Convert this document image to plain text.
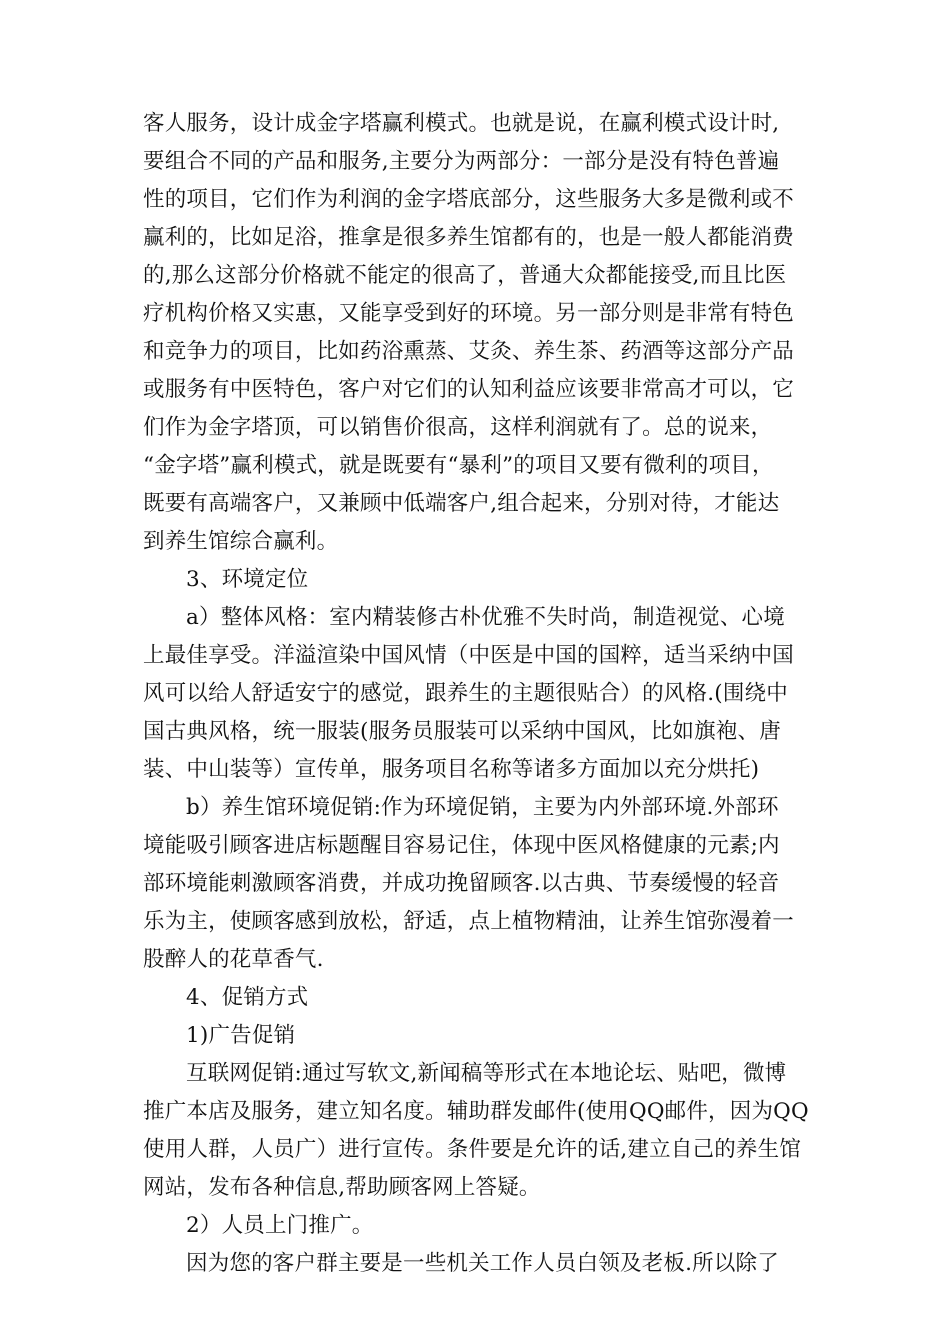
客人服务，设计成金字塔赢利模式。也就是说，在赢利模式设计时,
要组合不同的产品和服务,主要分为两部分：一部分是没有特色普遍
性的项目，它们作为利润的金字塔底部分，这些服务大多是微利或不
赢利的，比如足浴，推拿是很多养生馆都有的，也是一般人都能消费
的,那么这部分价格就不能定的很高了，普通大众都能接受,而且比医
疗机构价格又实惠，又能享受到好的环境。另一部分则是非常有特色
和竞争力的项目，比如药浴熏蒸、艾灸、养生茶、药酒等这部分产品
或服务有中医特色，客户对它们的认知利益应该要非常高才可以，它
们作为金字塔顶，可以销售价很高，这样利润就有了。总的说来，
“金字塔”赢利模式，就是既要有“暴利”的项目又要有微利的项目，
既要有高端客户，又兼顾中低端客户,组合起来，分别对待，才能达
到养生馆综合赢利。
3、环境定位
a）整体风格：室内精装修古朴优雅不失时尚，制造视觉、心境
上最佳享受。洋溢渲染中国风情（中医是中国的国粹，适当采纳中国
风可以给人舒适安宁的感觉，跟养生的主题很贴合）的风格.(围绕中
国古典风格，统一服装(服务员服装可以采纳中国风，比如旗袍、唐
装、中山装等）宣传单，服务项目名称等诸多方面加以充分烘托)
b）养生馆环境促销:作为环境促销，主要为内外部环境.外部环
境能吸引顾客进店标题醒目容易记住，体现中医风格健康的元素;内
部环境能刺激顾客消费，并成功挽留顾客.以古典、节奏缓慢的轻音
乐为主，使顾客感到放松，舒适，点上植物精油，让养生馆弥漫着一
股醉人的花草香气.
4、促销方式
1)广告促销
互联网促销:通过写软文,新闻稿等形式在本地论坛、贴吧，微博
推广本店及服务，建立知名度。辅助群发邮件(使用QQ邮件，因为QQ
使用人群，人员广）进行宣传。条件要是允许的话,建立自己的养生馆
网站，发布各种信息,帮助顾客网上答疑。
2）人员上门推广。
因为您的客户群主要是一些机关工作人员白领及老板.所以除了
